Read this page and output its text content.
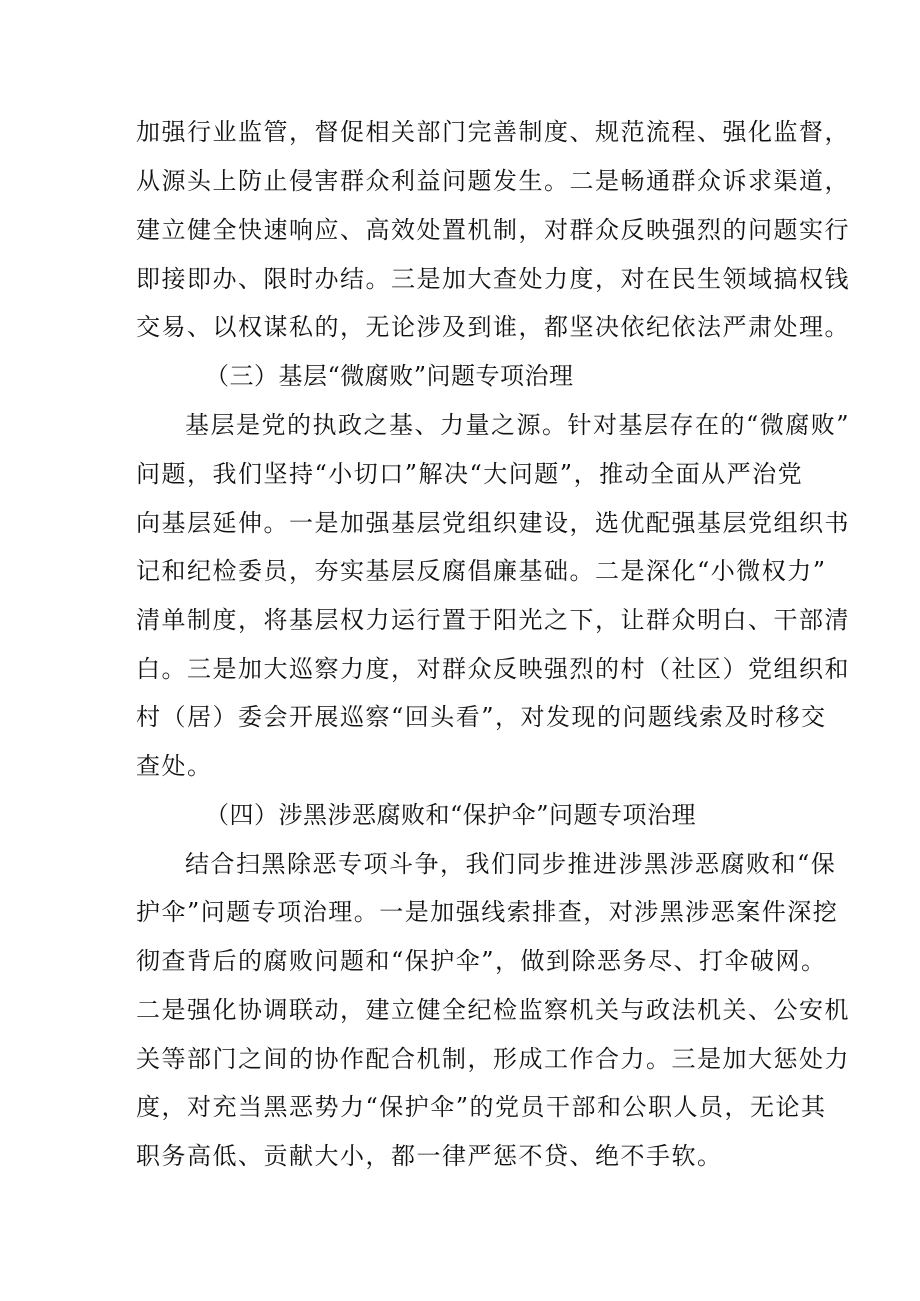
加强行业监管，督促相关部门完善制度、规范流程、强化监督，
从源头上防止侵害群众利益问题发生。二是畅通群众诉求渠道，
建立健全快速响应、高效处置机制，对群众反映强烈的问题实行
即接即办、限时办结。三是加大查处力度，对在民生领域搞权钱
交易、以权谋私的，无论涉及到谁，都坚决依纪依法严肃处理。
（三）基层“微腐败”问题专项治理
基层是党的执政之基、力量之源。针对基层存在的“微腐败”
问题，我们坚持“小切口”解决“大问题”，推动全面从严治党
向基层延伸。一是加强基层党组织建设，选优配强基层党组织书
记和纪检委员，夯实基层反腐倡廉基础。二是深化“小微权力”
清单制度，将基层权力运行置于阳光之下，让群众明白、干部清
白。三是加大巡察力度，对群众反映强烈的村（社区）党组织和
村（居）委会开展巡察“回头看”，对发现的问题线索及时移交
查处。
（四）涉黑涉恶腐败和“保护伞”问题专项治理
结合扫黑除恶专项斗争，我们同步推进涉黑涉恶腐败和“保
护伞”问题专项治理。一是加强线索排查，对涉黑涉恶案件深挖
彻查背后的腐败问题和“保护伞”，做到除恶务尽、打伞破网。
二是强化协调联动，建立健全纪检监察机关与政法机关、公安机
关等部门之间的协作配合机制，形成工作合力。三是加大惩处力
度，对充当黑恶势力“保护伞”的党员干部和公职人员，无论其
职务高低、贡献大小，都一律严惩不贷、绝不手软。
